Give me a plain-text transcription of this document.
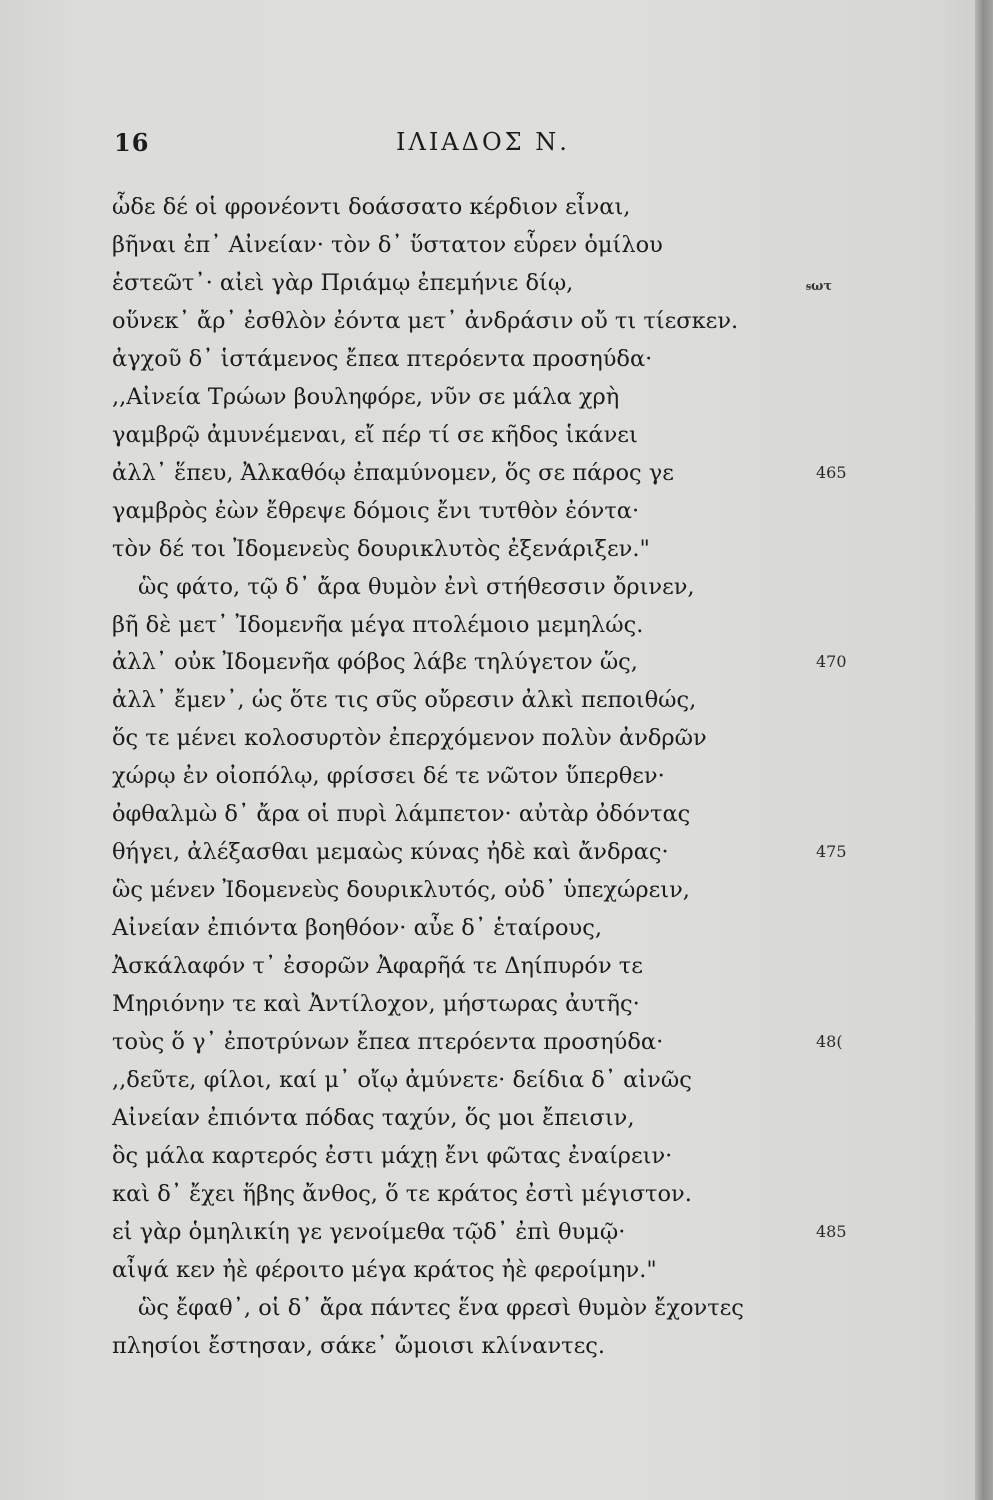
16	ΙΛΙΑΔΟΣ Ν.
ᵴωτ
ὧδε δέ οἱ φρονέοντι δοάσσατο κέρδιον εἶναι,
βῆναι ἐπ᾽ Αἰνείαν· τὸν δ᾽ ὕστατον εὗρεν ὁμίλου
ἑστεῶτ᾽· αἰεὶ γὰρ Πριάμῳ ἐπεμήνιε δίῳ,
οὕνεκ᾽ ἄρ᾽ ἐσθλὸν ἐόντα μετ᾽ ἀνδράσιν οὔ τι τίεσκεν.
ἀγχοῦ δ᾽ ἱστάμενος ἔπεα πτερόεντα προσηύδα·
,,Αἰνεία Τρώων βουληφόρε, νῦν σε μάλα χρὴ
γαμβρῷ ἀμυνέμεναι, εἴ πέρ τί σε κῆδος ἱκάνει
ἀλλ᾽ ἕπευ, Ἀλκαθόῳ ἐπαμύνομεν, ὅς σε πάρος γε	465
γαμβρὸς ἐὼν ἔθρεψε δόμοις ἔνι τυτθὸν ἐόντα·
τὸν δέ τοι Ἰδομενεὺς δουρικλυτὸς ἐξενάριξεν."
ὣς φάτο, τῷ δ᾽ ἄρα θυμὸν ἐνὶ στήθεσσιν ὄρινεν,
βῆ δὲ μετ᾽ Ἰδομενῆα μέγα πτολέμοιο μεμηλώς.
ἀλλ᾽ οὐκ Ἰδομενῆα φόβος λάβε τηλύγετον ὥς,	470
ἀλλ᾽ ἔμεν᾽, ὡς ὅτε τις σῦς οὔρεσιν ἀλκὶ πεποιθώς,
ὅς τε μένει κολοσυρτὸν ἐπερχόμενον πολὺν ἀνδρῶν
χώρῳ ἐν οἰοπόλῳ, φρίσσει δέ τε νῶτον ὕπερθεν·
ὀφθαλμὼ δ᾽ ἄρα οἱ πυρὶ λάμπετον· αὐτὰρ ὀδόντας
θήγει, ἀλέξασθαι μεμαὼς κύνας ἠδὲ καὶ ἄνδρας·	475
ὣς μένεν Ἰδομενεὺς δουρικλυτός, οὐδ᾽ ὑπεχώρειν,
Αἰνείαν ἐπιόντα βοηθόον· αὖε δ᾽ ἑταίρους,
Ἀσκάλαφόν τ᾽ ἐσορῶν Ἀφαρῆά τε Δηίπυρόν τε
Μηριόνην τε καὶ Ἀντίλοχον, μήστωρας ἀυτῆς·
τοὺς ὅ γ᾽ ἐποτρύνων ἔπεα πτερόεντα προσηύδα·	48(
,,δεῦτε, φίλοι, καί μ᾽ οἴῳ ἀμύνετε· δείδια δ᾽ αἰνῶς
Αἰνείαν ἐπιόντα πόδας ταχύν, ὅς μοι ἔπεισιν,
ὃς μάλα καρτερός ἐστι μάχῃ ἔνι φῶτας ἐναίρειν·
καὶ δ᾽ ἔχει ἥβης ἄνθος, ὅ τε κράτος ἐστὶ μέγιστον.
εἰ γὰρ ὁμηλικίη γε γενοίμεθα τῷδ᾽ ἐπὶ θυμῷ·	485
αἶψά κεν ἠὲ φέροιτο μέγα κράτος ἠὲ φεροίμην."
ὣς ἔφαθ᾽, οἱ δ᾽ ἄρα πάντες ἕνα φρεσὶ θυμὸν ἔχοντες
πλησίοι ἔστησαν, σάκε᾽ ὤμοισι κλίναντες.
